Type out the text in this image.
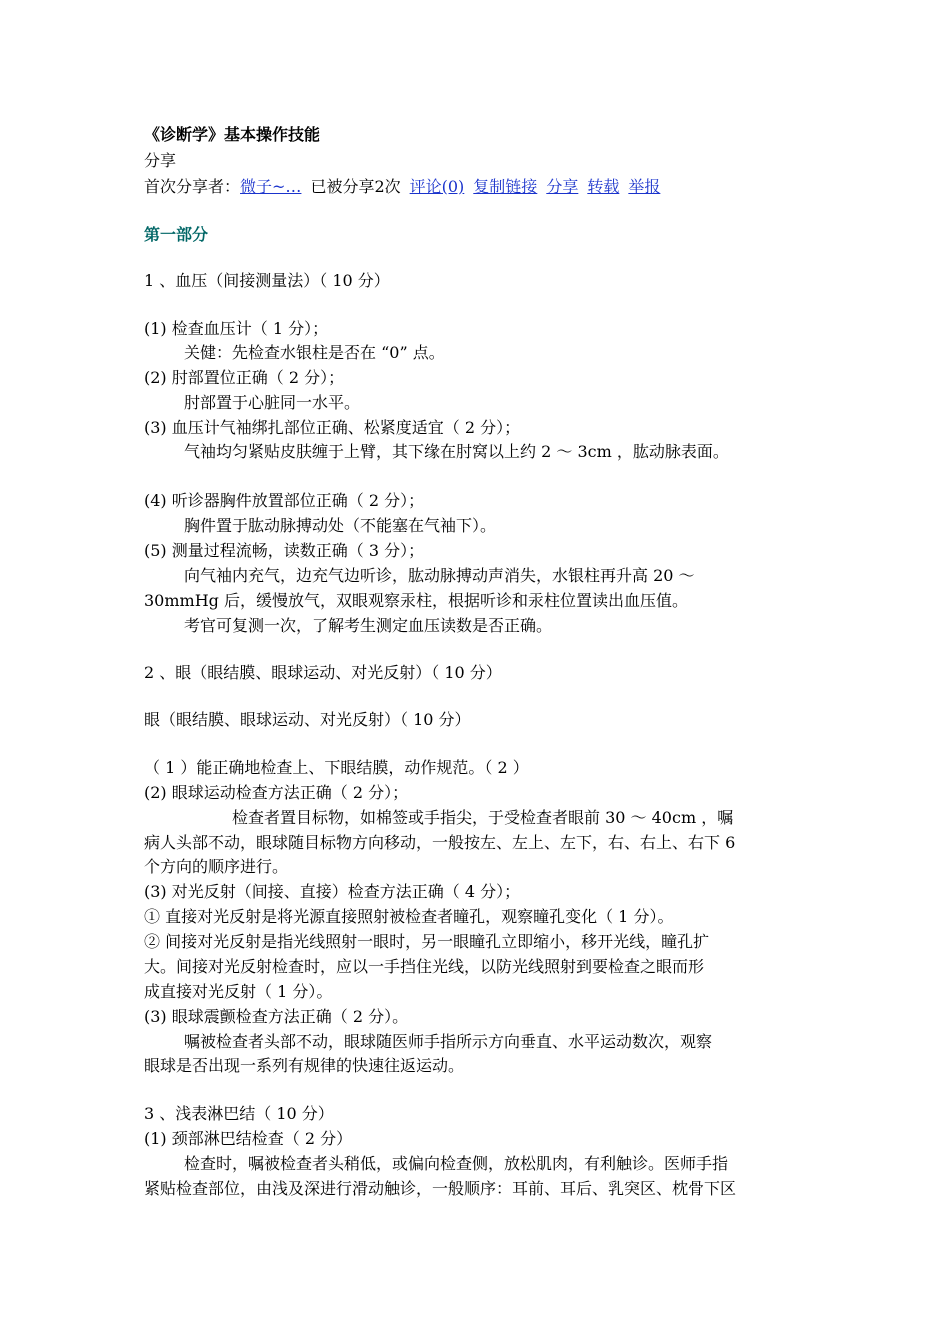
《诊断学》基本操作技能
分享
首次分享者：微子~… 已被分享2次 评论(0) 复制链接 分享 转载 举报
第一部分
1 、血压（间接测量法）（ 10 分）
(1) 检查血压计（ 1 分）；
关健：先检查水银柱是否在 “0” 点。
(2) 肘部置位正确（ 2 分）；
肘部置于心脏同一水平。
(3) 血压计气袖绑扎部位正确、松紧度适宜（ 2 分）；
气袖均匀紧贴皮肤缠于上臂，其下缘在肘窝以上约 2 ～ 3cm ，肱动脉表面。
(4) 听诊器胸件放置部位正确（ 2 分）；
胸件置于肱动脉搏动处（不能塞在气袖下）。
(5) 测量过程流畅，读数正确（ 3 分）；
向气袖内充气，边充气边听诊，肱动脉搏动声消失，水银柱再升高 20 ～
30mmHg 后，缓慢放气，双眼观察汞柱，根据听诊和汞柱位置读出血压值。
考官可复测一次，了解考生测定血压读数是否正确。
2 、眼（眼结膜、眼球运动、对光反射）（ 10 分）
眼（眼结膜、眼球运动、对光反射）（ 10 分）
（ 1 ）能正确地检查上、下眼结膜，动作规范。（ 2 ）
(2) 眼球运动检查方法正确（ 2 分）；
检查者置目标物，如棉签或手指尖，于受检查者眼前 30 ～ 40cm ，嘱
病人头部不动，眼球随目标物方向移动，一般按左、左上、左下，右、右上、右下 6
个方向的顺序进行。
(3) 对光反射（间接、直接）检查方法正确（ 4 分）；
① 直接对光反射是将光源直接照射被检查者瞳孔，观察瞳孔变化（ 1 分）。
② 间接对光反射是指光线照射一眼时，另一眼瞳孔立即缩小，移开光线，瞳孔扩
大。间接对光反射检查时，应以一手挡住光线，以防光线照射到要检查之眼而形
成直接对光反射（ 1 分）。
(3) 眼球震颤检查方法正确（ 2 分）。
嘱被检查者头部不动，眼球随医师手指所示方向垂直、水平运动数次，观察
眼球是否出现一系列有规律的快速往返运动。
3 、浅表淋巴结（ 10 分）
(1) 颈部淋巴结检查（ 2 分）
检查时，嘱被检查者头稍低，或偏向检查侧，放松肌肉，有利触诊。医师手指
紧贴检查部位，由浅及深进行滑动触诊，一般顺序：耳前、耳后、乳突区、枕骨下区
